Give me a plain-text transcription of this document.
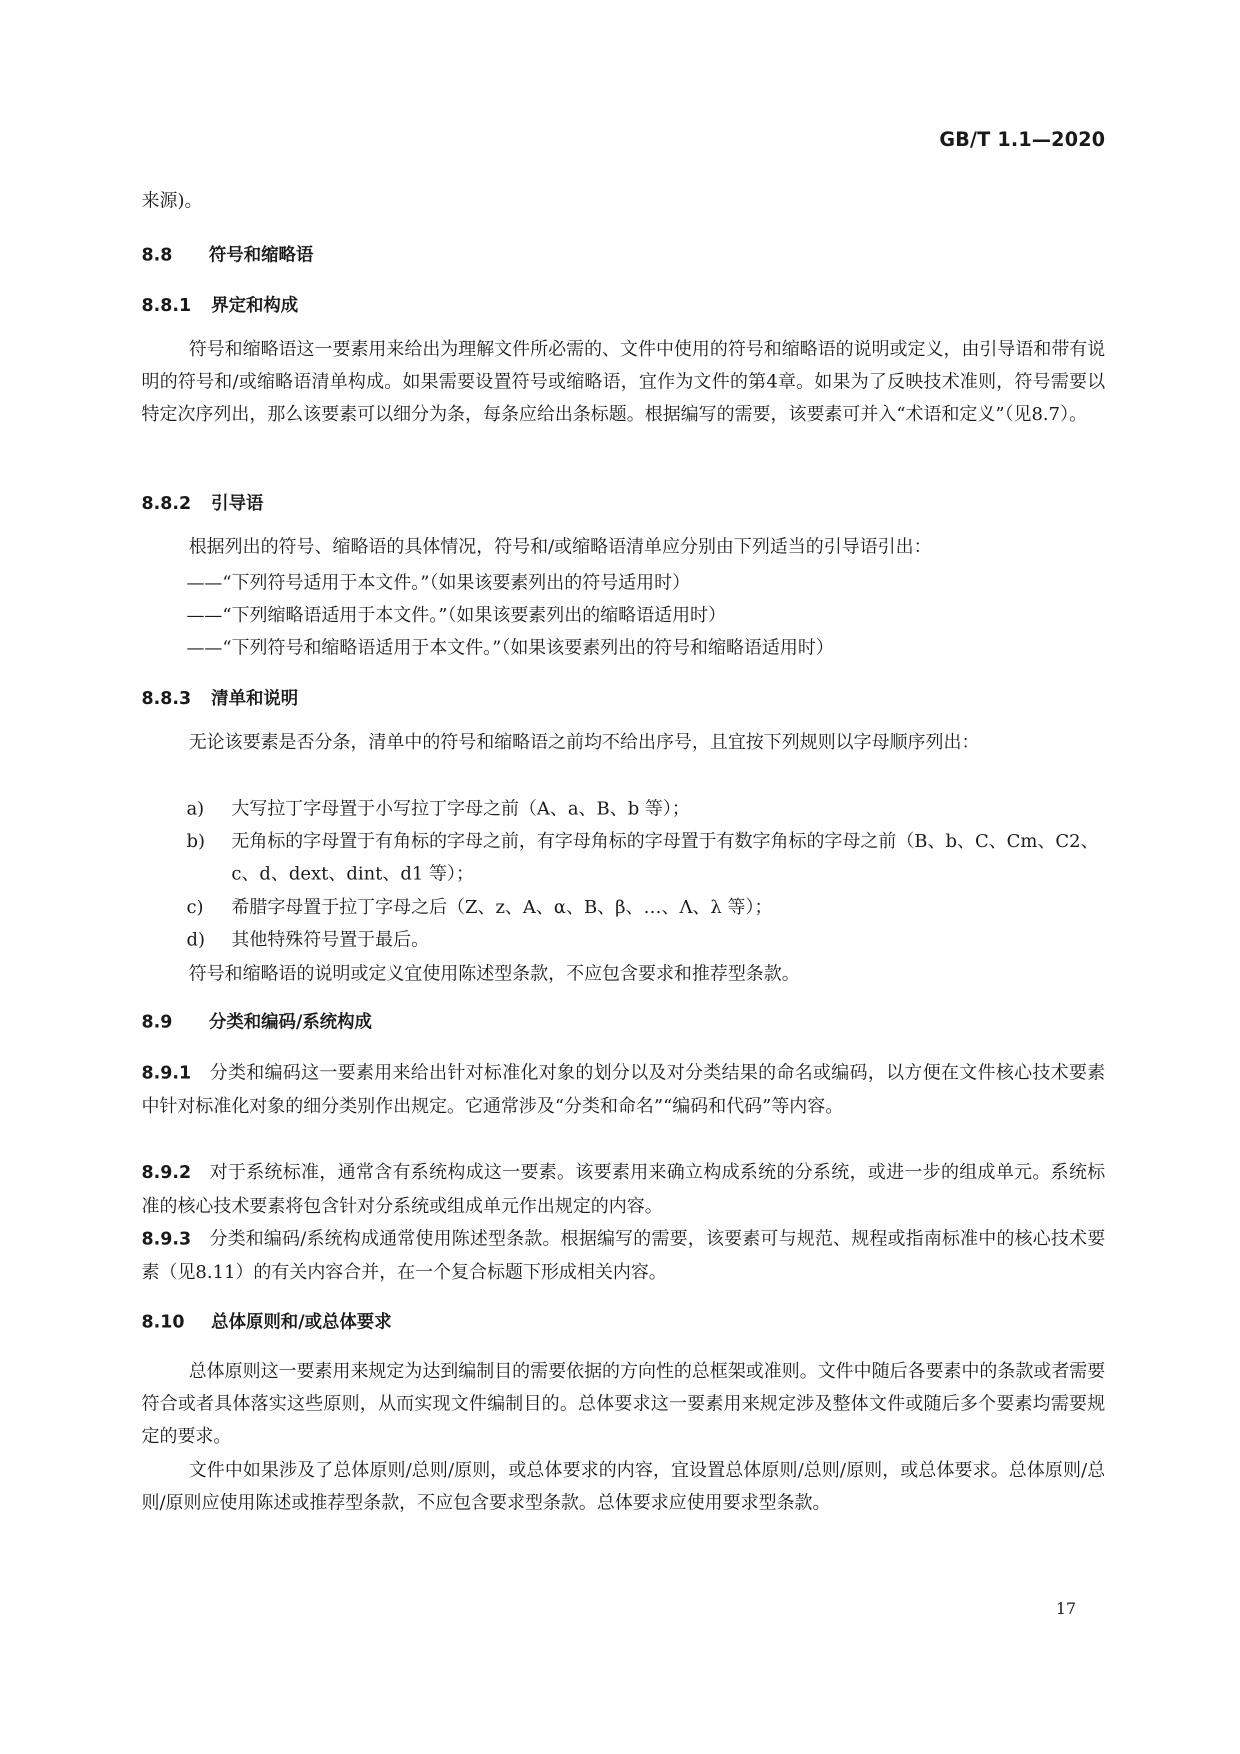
GB/T 1.1—2020
来源)。
8.8 符号和缩略语
8.8.1 界定和构成
符号和缩略语这一要素用来给出为理解文件所必需的、文件中使用的符号和缩略语的说明或定义，由引导语和带有说明的符号和/或缩略语清单构成。如果需要设置符号或缩略语，宜作为文件的第4章。如果为了反映技术准则，符号需要以特定次序列出，那么该要素可以细分为条，每条应给出条标题。根据编写的需要，该要素可并入“术语和定义”（见8.7）。
8.8.2 引导语
根据列出的符号、缩略语的具体情况，符号和/或缩略语清单应分别由下列适当的引导语引出：
——“下列符号适用于本文件。”（如果该要素列出的符号适用时）
——“下列缩略语适用于本文件。”（如果该要素列出的缩略语适用时）
——“下列符号和缩略语适用于本文件。”（如果该要素列出的符号和缩略语适用时）
8.8.3 清单和说明
无论该要素是否分条，清单中的符号和缩略语之前均不给出序号，且宜按下列规则以字母顺序列出：
a) 大写拉丁字母置于小写拉丁字母之前（A、a、B、b 等）；
b) 无角标的字母置于有角标的字母之前，有字母角标的字母置于有数字角标的字母之前（B、b、C、Cm、C2、c、d、dext、dint、d1 等）；
c) 希腊字母置于拉丁字母之后（Z、z、A、α、B、β、…、Λ、λ 等）；
d) 其他特殊符号置于最后。
符号和缩略语的说明或定义宜使用陈述型条款，不应包含要求和推荐型条款。
8.9 分类和编码/系统构成
8.9.1　 分类和编码这一要素用来给出针对标准化对象的划分以及对分类结果的命名或编码，以方便在文件核心技术要素中针对标准化对象的细分类别作出规定。它通常涉及“分类和命名”“编码和代码”等内容。
8.9.2　 对于系统标准，通常含有系统构成这一要素。该要素用来确立构成系统的分系统，或进一步的组成单元。系统标准的核心技术要素将包含针对分系统或组成单元作出规定的内容。
8.9.3　 分类和编码/系统构成通常使用陈述型条款。根据编写的需要，该要素可与规范、规程或指南标准中的核心技术要素（见8.11）的有关内容合并，在一个复合标题下形成相关内容。
8.10 总体原则和/或总体要求
总体原则这一要素用来规定为达到编制目的需要依据的方向性的总框架或准则。文件中随后各要素中的条款或者需要符合或者具体落实这些原则，从而实现文件编制目的。总体要求这一要素用来规定涉及整体文件或随后多个要素均需要规定的要求。
文件中如果涉及了总体原则/总则/原则，或总体要求的内容，宜设置总体原则/总则/原则，或总体要求。总体原则/总则/原则应使用陈述或推荐型条款，不应包含要求型条款。总体要求应使用要求型条款。
17
